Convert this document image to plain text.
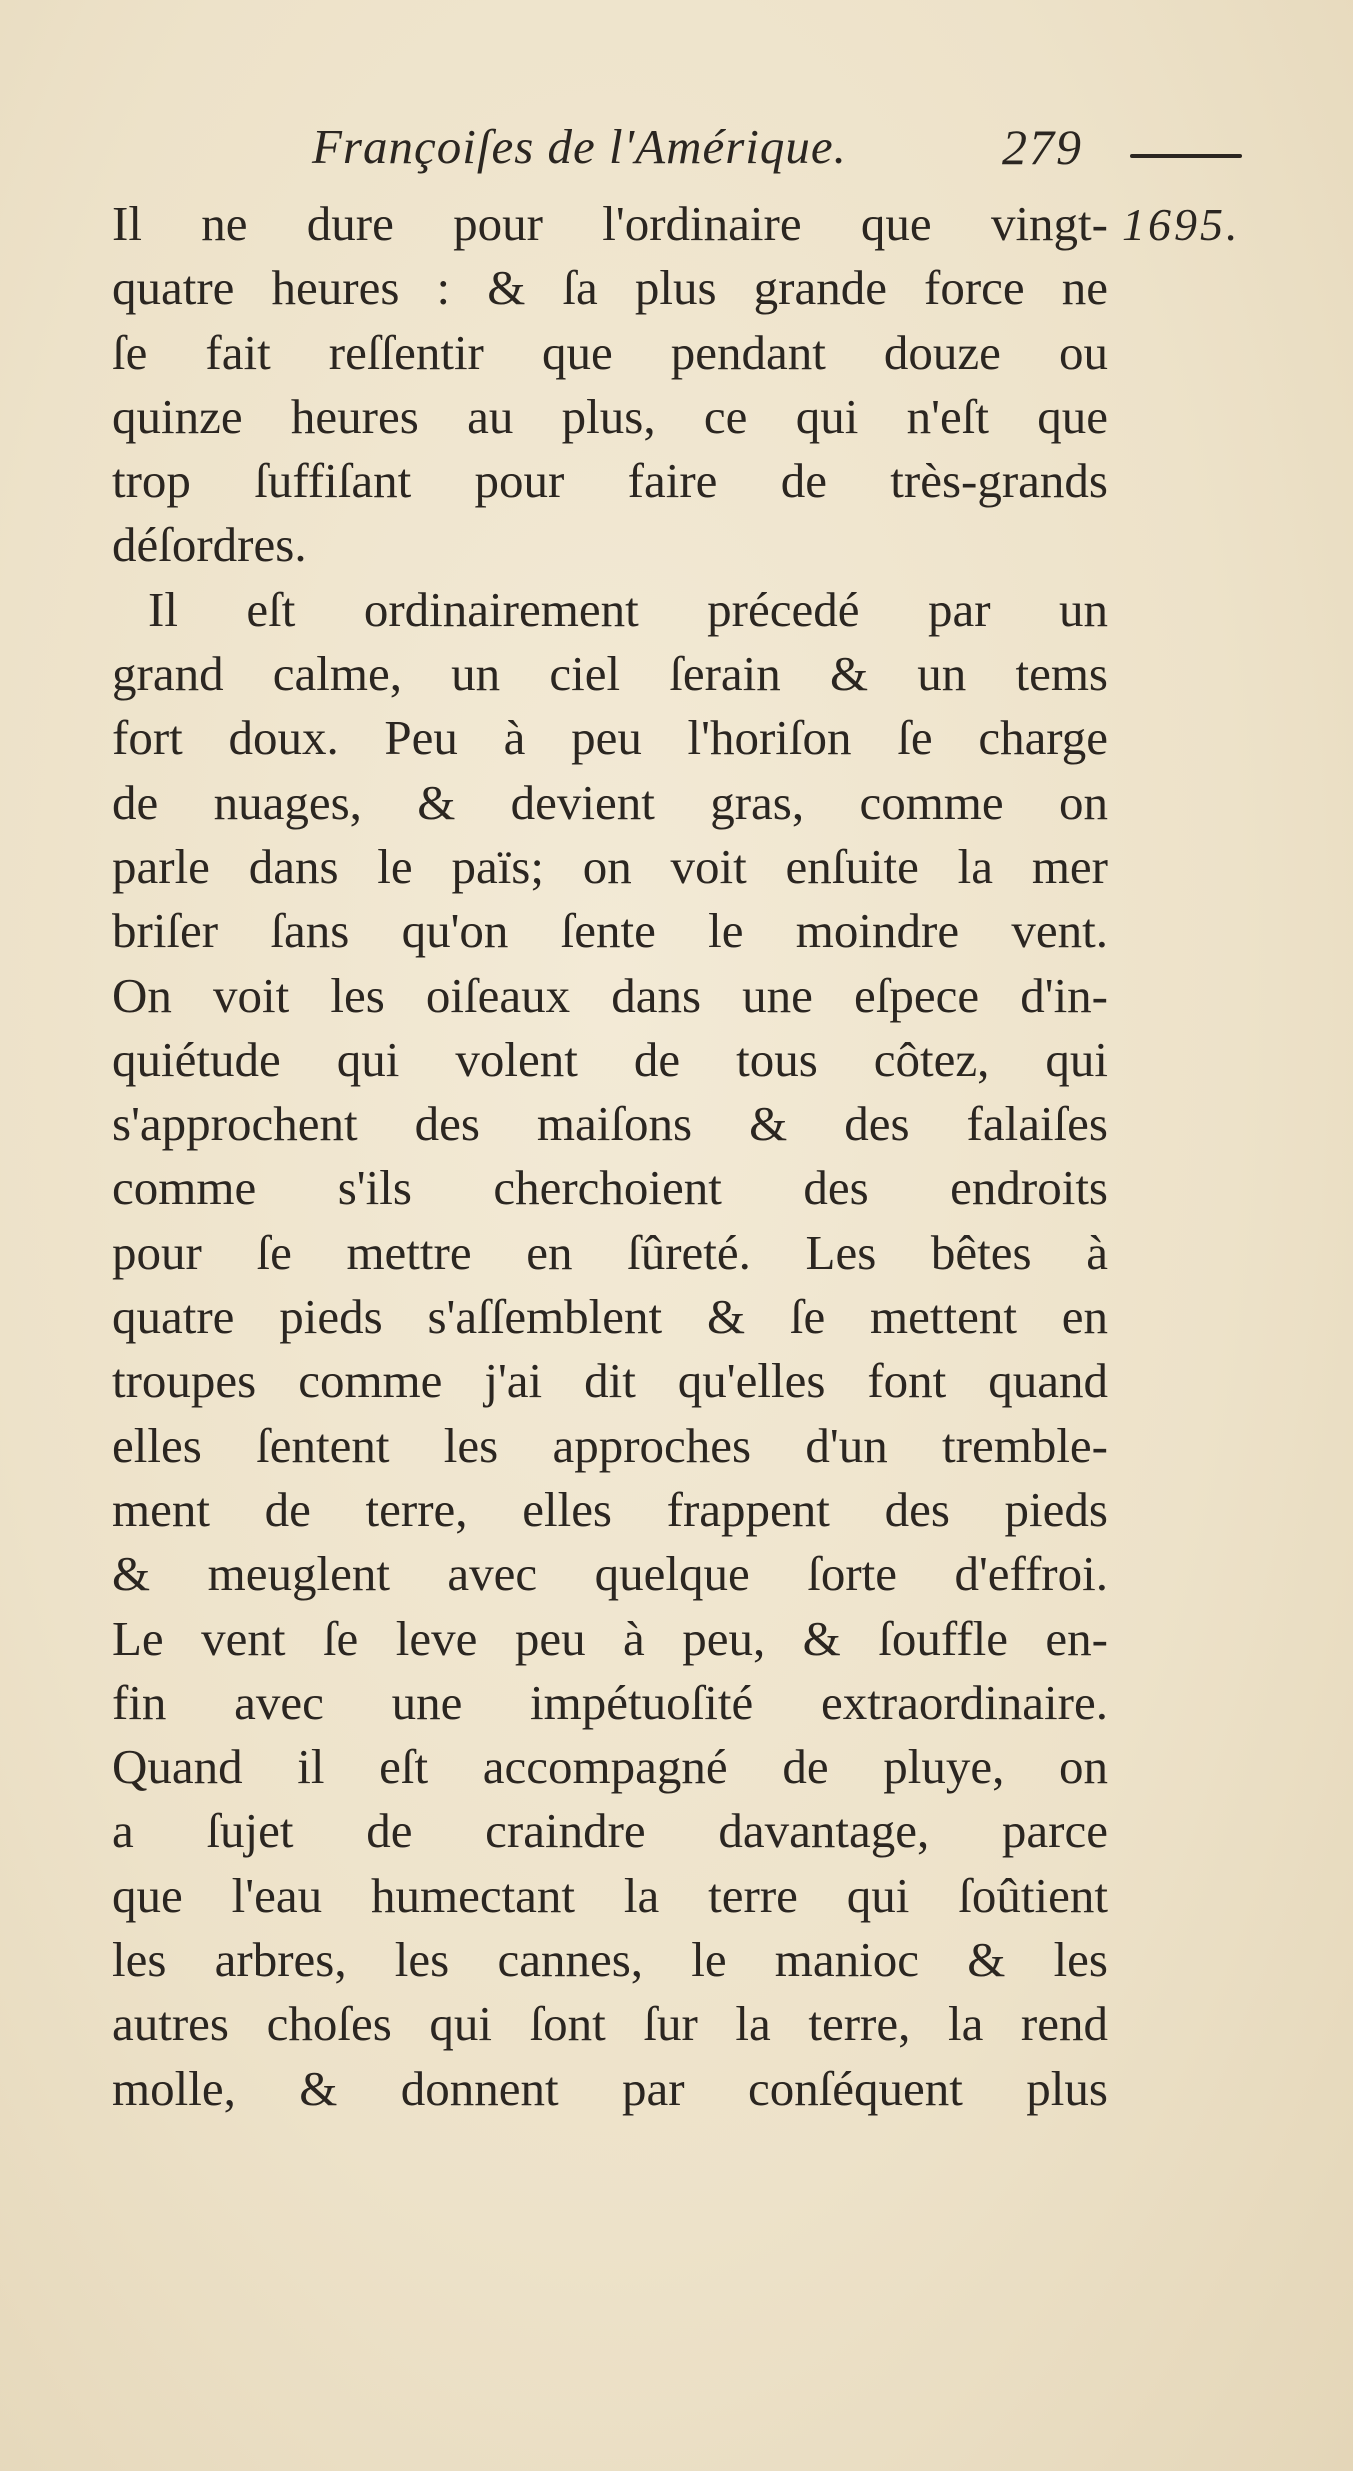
Françoiſes de l'Amérique.	279
1695.
Il ne dure pour l'ordinaire que vingt-
quatre heures : & ſa plus grande force ne
ſe fait reſſentir que pendant douze ou
quinze heures au plus, ce qui n'eſt que
trop ſuffiſant pour faire de très-grands
déſordres.
Il eſt ordinairement précedé par un
grand calme, un ciel ſerain & un tems
fort doux. Peu à peu l'horiſon ſe charge
de nuages, & devient gras, comme on
parle dans le païs; on voit enſuite la mer
briſer ſans qu'on ſente le moindre vent.
On voit les oiſeaux dans une eſpece d'in-
quiétude qui volent de tous côtez, qui
s'approchent des maiſons & des falaiſes
comme s'ils cherchoient des endroits
pour ſe mettre en ſûreté. Les bêtes à
quatre pieds s'aſſemblent & ſe mettent en
troupes comme j'ai dit qu'elles font quand
elles ſentent les approches d'un tremble-
ment de terre, elles frappent des pieds
& meuglent avec quelque ſorte d'effroi.
Le vent ſe leve peu à peu, & ſouffle en-
fin avec une impétuoſité extraordinaire.
Quand il eſt accompagné de pluye, on
a ſujet de craindre davantage, parce
que l'eau humectant la terre qui ſoûtient
les arbres, les cannes, le manioc & les
autres choſes qui ſont ſur la terre, la rend
molle, & donnent par conſéquent plus
